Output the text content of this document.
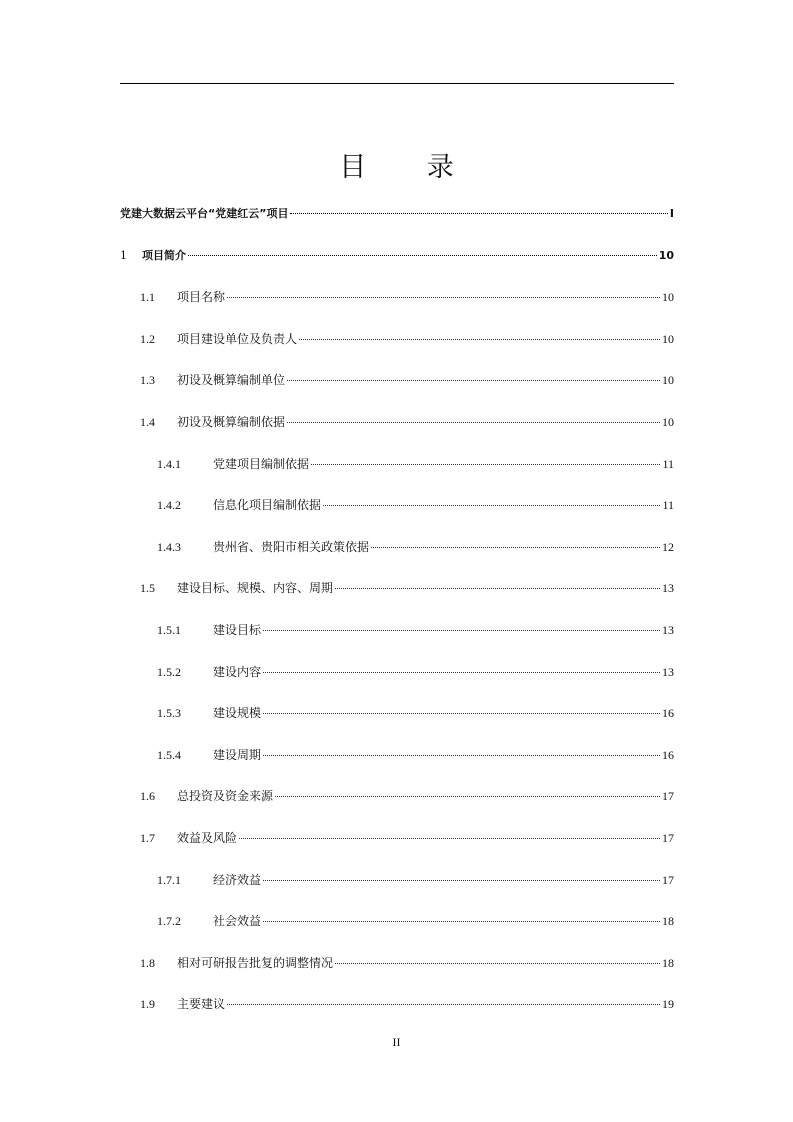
目 录
党建大数据云平台“党建红云”项目	I
1	项目简介	10
1.1	项目名称	10
1.2	项目建设单位及负责人	10
1.3	初设及概算编制单位	10
1.4	初设及概算编制依据	10
1.4.1	党建项目编制依据	11
1.4.2	信息化项目编制依据	11
1.4.3	贵州省、贵阳市相关政策依据	12
1.5	建设目标、规模、内容、周期	13
1.5.1	建设目标	13
1.5.2	建设内容	13
1.5.3	建设规模	16
1.5.4	建设周期	16
1.6	总投资及资金来源	17
1.7	效益及风险	17
1.7.1	经济效益	17
1.7.2	社会效益	18
1.8	相对可研报告批复的调整情况	18
1.9	主要建议	19
II
